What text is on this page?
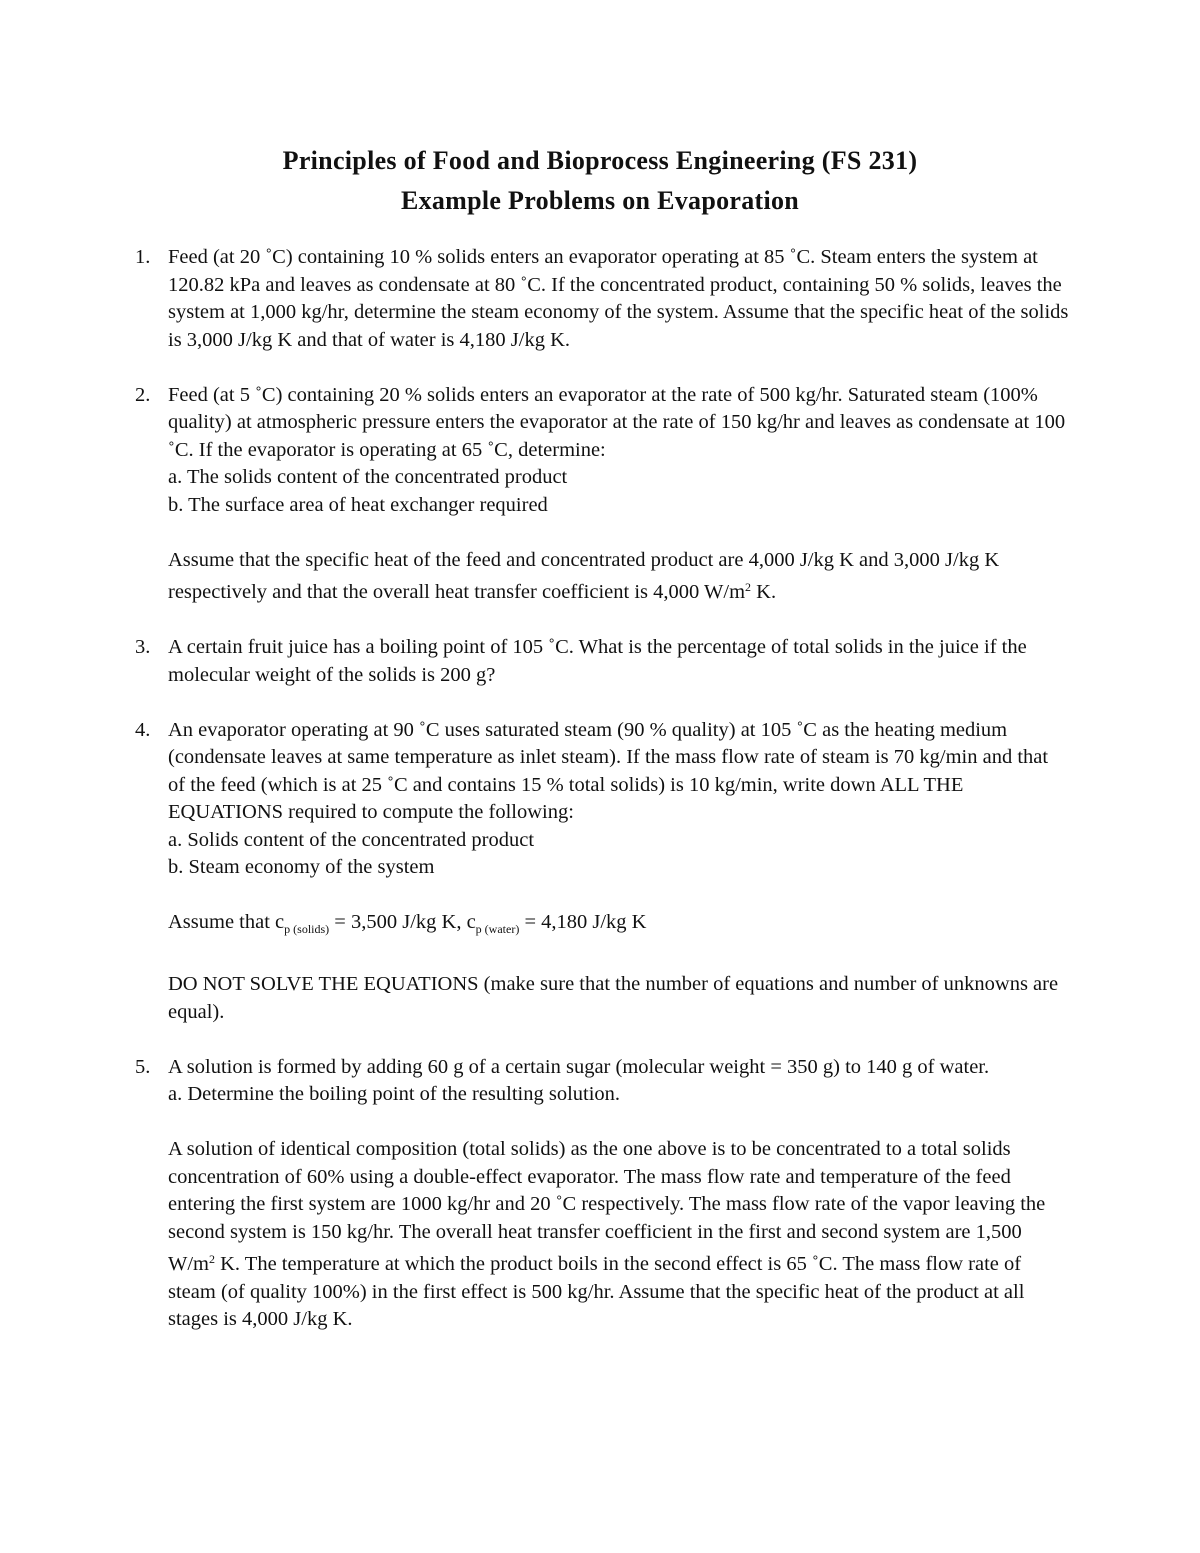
Principles of Food and Bioprocess Engineering (FS 231)
Example Problems on Evaporation
1. Feed (at 20 ˚C) containing 10 % solids enters an evaporator operating at 85 ˚C. Steam enters the system at 120.82 kPa and leaves as condensate at 80 ˚C. If the concentrated product, containing 50 % solids, leaves the system at 1,000 kg/hr, determine the steam economy of the system. Assume that the specific heat of the solids is 3,000 J/kg K and that of water is 4,180 J/kg K.

2. Feed (at 5 ˚C) containing 20 % solids enters an evaporator at the rate of 500 kg/hr. Saturated steam (100% quality) at atmospheric pressure enters the evaporator at the rate of 150 kg/hr and leaves as condensate at 100 ˚C. If the evaporator is operating at 65 ˚C, determine:

a. The solids content of the concentrated product

b. The surface area of heat exchanger required

Assume that the specific heat of the feed and concentrated product are 4,000 J/kg K and 3,000 J/kg K respectively and that the overall heat transfer coefficient is 4,000 $W/m^2$ K.

3. A certain fruit juice has a boiling point of 105 ˚C. What is the percentage of total solids in the juice if the molecular weight of the solids is 200 g?

4. An evaporator operating at 90 ˚C uses saturated steam (90 % quality) at 105 ˚C as the heating medium (condensate leaves at same temperature as inlet steam). If the mass flow rate of steam is 70 kg/min and that of the feed (which is at 25 ˚C and contains 15 % total solids) is 10 kg/min, write down ALL THE EQUATIONS required to compute the following:

a. Solids content of the concentrated product

b. Steam economy of the system

Assume that $c_{p (solids)} = 3,500$ J/kg K, $c_{p (water)} = 4,180$ J/kg K

DO NOT SOLVE THE EQUATIONS (make sure that the number of equations and number of unknowns are equal).

5. A solution is formed by adding 60 g of a certain sugar (molecular weight = 350 g) to 140 g of water.

a. Determine the boiling point of the resulting solution.

A solution of identical composition (total solids) as the one above is to be concentrated to a total solids concentration of 60% using a double-effect evaporator. The mass flow rate and temperature of the feed entering the first system are 1000 kg/hr and 20 ˚C respectively. The mass flow rate of the vapor leaving the second system is 150 kg/hr. The overall heat transfer coefficient in the first and second system are 1,500 $W/m^2$ K. The temperature at which the product boils in the second effect is 65 ˚C. The mass flow rate of steam (of quality 100%) in the first effect is 500 kg/hr. Assume that the specific heat of the product at all stages is 4,000 J/kg K.
